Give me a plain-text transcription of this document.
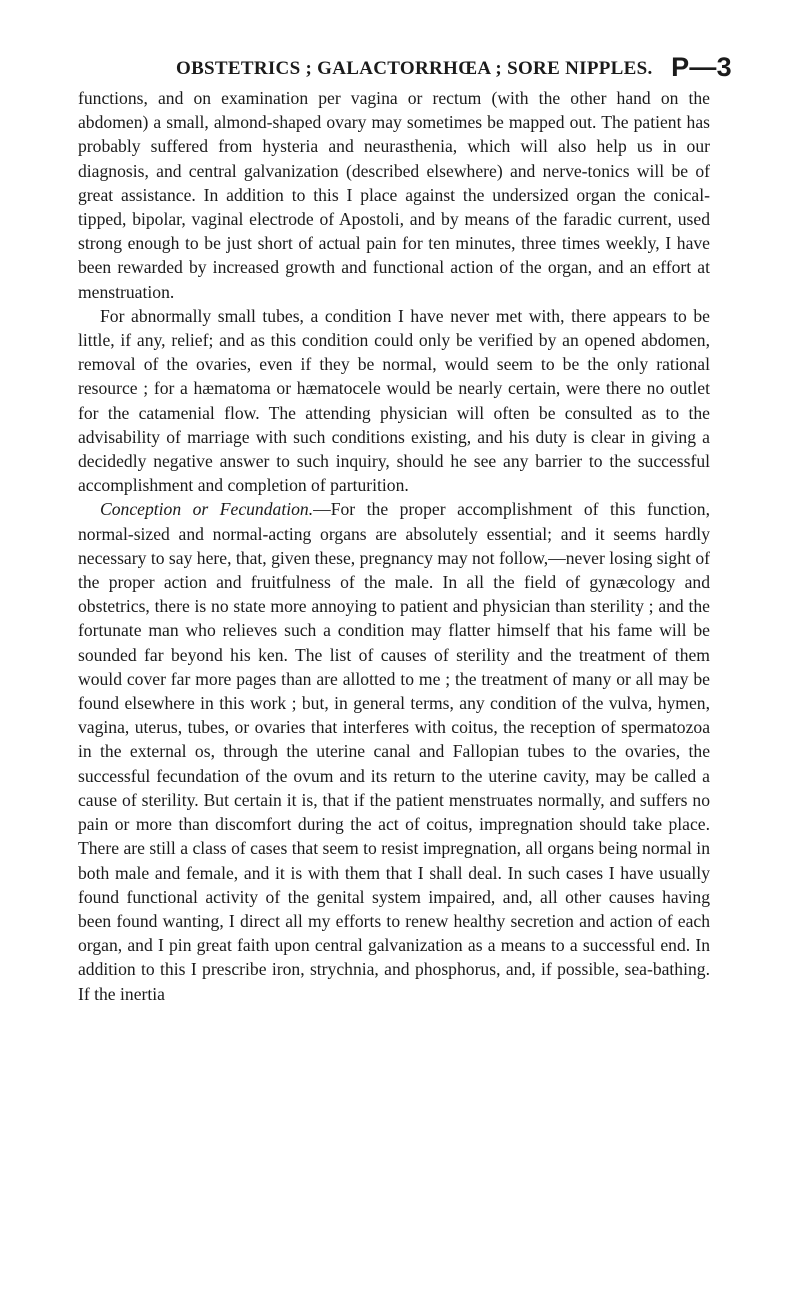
OBSTETRICS ; GALACTORRHŒA ; SORE NIPPLES. P—3

functions, and on examination per vagina or rectum (with the other hand on the abdomen) a small, almond-shaped ovary may sometimes be mapped out. The patient has probably suffered from hysteria and neurasthenia, which will also help us in our diagnosis, and central galvanization (described elsewhere) and nerve-tonics will be of great assistance. In addition to this I place against the undersized organ the conical-tipped, bipolar, vaginal electrode of Apostoli, and by means of the faradic current, used strong enough to be just short of actual pain for ten minutes, three times weekly, I have been rewarded by increased growth and functional action of the organ, and an effort at menstruation.

For abnormally small tubes, a condition I have never met with, there appears to be little, if any, relief; and as this condition could only be verified by an opened abdomen, removal of the ovaries, even if they be normal, would seem to be the only rational resource ; for a hæmatoma or hæmatocele would be nearly certain, were there no outlet for the catamenial flow. The attending physician will often be consulted as to the advisability of marriage with such conditions existing, and his duty is clear in giving a decidedly negative answer to such inquiry, should he see any barrier to the successful accomplishment and completion of parturition.

Conception or Fecundation.—For the proper accomplishment of this function, normal-sized and normal-acting organs are absolutely essential; and it seems hardly necessary to say here, that, given these, pregnancy may not follow,—never losing sight of the proper action and fruitfulness of the male. In all the field of gynæcology and obstetrics, there is no state more annoying to patient and physician than sterility ; and the fortunate man who relieves such a condition may flatter himself that his fame will be sounded far beyond his ken. The list of causes of sterility and the treatment of them would cover far more pages than are allotted to me ; the treatment of many or all may be found elsewhere in this work ; but, in general terms, any condition of the vulva, hymen, vagina, uterus, tubes, or ovaries that interferes with coitus, the reception of spermatozoa in the external os, through the uterine canal and Fallopian tubes to the ovaries, the successful fecundation of the ovum and its return to the uterine cavity, may be called a cause of sterility. But certain it is, that if the patient menstruates normally, and suffers no pain or more than discomfort during the act of coitus, impregnation should take place. There are still a class of cases that seem to resist impregnation, all organs being normal in both male and female, and it is with them that I shall deal. In such cases I have usually found functional activity of the genital system impaired, and, all other causes having been found wanting, I direct all my efforts to renew healthy secretion and action of each organ, and I pin great faith upon central galvanization as a means to a successful end. In addition to this I prescribe iron, strychnia, and phosphorus, and, if possible, sea-bathing. If the inertia
